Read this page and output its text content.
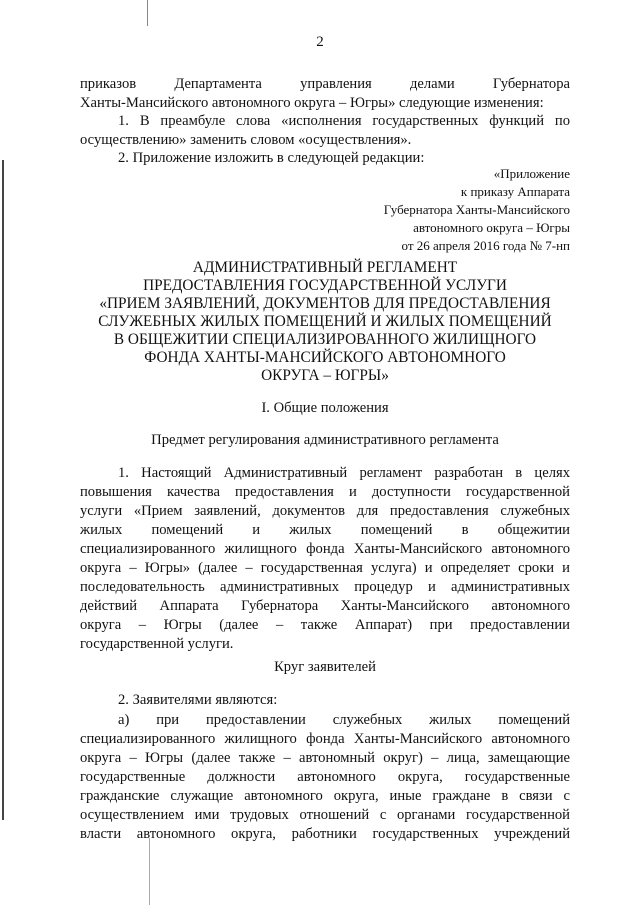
2
приказов Департамента управления делами Губернатора
Ханты-Мансийского автономного округа – Югры» следующие изменения:
1. В преамбуле слова «исполнения государственных функций по
осуществлению» заменить словом «осуществления».
2. Приложение изложить в следующей редакции:
«Приложение
к приказу Аппарата
Губернатора Ханты-Мансийского
автономного округа – Югры
от 26 апреля 2016 года № 7-нп
АДМИНИСТРАТИВНЫЙ РЕГЛАМЕНТ
ПРЕДОСТАВЛЕНИЯ ГОСУДАРСТВЕННОЙ УСЛУГИ
«ПРИЕМ ЗАЯВЛЕНИЙ, ДОКУМЕНТОВ ДЛЯ ПРЕДОСТАВЛЕНИЯ
СЛУЖЕБНЫХ ЖИЛЫХ ПОМЕЩЕНИЙ И ЖИЛЫХ ПОМЕЩЕНИЙ
В ОБЩЕЖИТИИ СПЕЦИАЛИЗИРОВАННОГО ЖИЛИЩНОГО
ФОНДА ХАНТЫ-МАНСИЙСКОГО АВТОНОМНОГО
ОКРУГА – ЮГРЫ»
I. Общие положения
Предмет регулирования административного регламента
1. Настоящий Административный регламент разработан в целях
повышения качества предоставления и доступности государственной
услуги «Прием заявлений, документов для предоставления служебных
жилых помещений и жилых помещений в общежитии
специализированного жилищного фонда Ханты-Мансийского автономного
округа – Югры» (далее – государственная услуга) и определяет сроки и
последовательность административных процедур и административных
действий Аппарата Губернатора Ханты-Мансийского автономного
округа – Югры (далее – также Аппарат) при предоставлении
государственной услуги.
Круг заявителей
2. Заявителями являются:
а) при предоставлении служебных жилых помещений
специализированного жилищного фонда Ханты-Мансийского автономного
округа – Югры (далее также – автономный округ) – лица, замещающие
государственные должности автономного округа, государственные
гражданские служащие автономного округа, иные граждане в связи с
осуществлением ими трудовых отношений с органами государственной
власти автономного округа, работники государственных учреждений
